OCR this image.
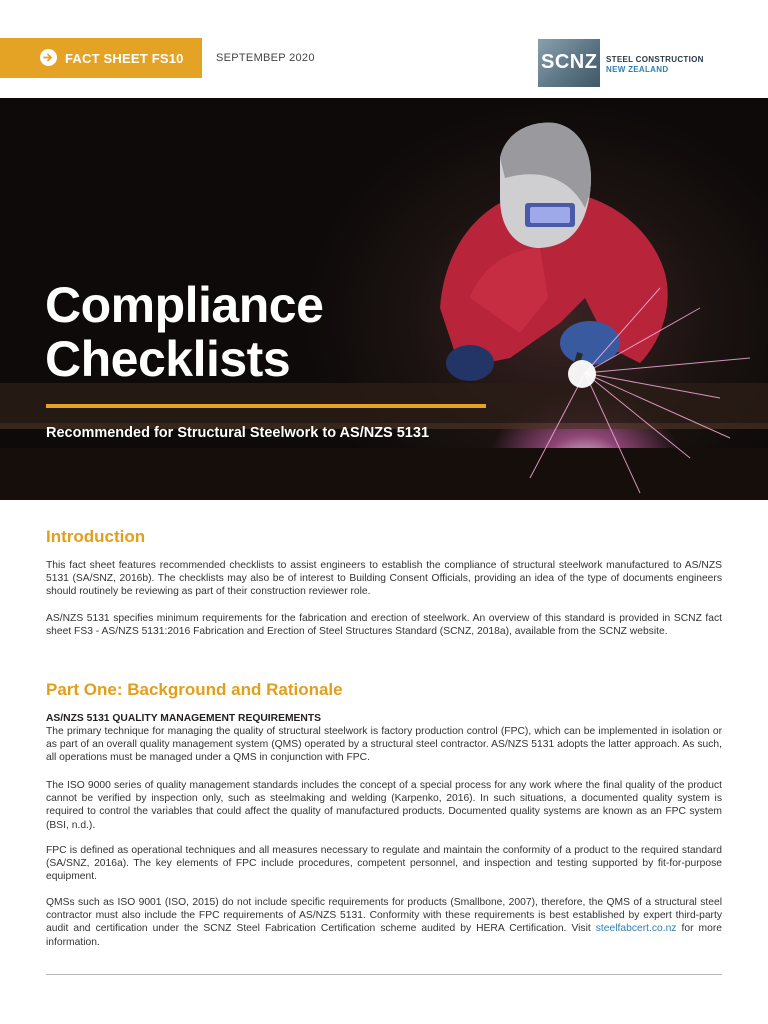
FACT SHEET FS10	SEPTEMBEP 2020	SCNZ STEEL CONSTRUCTION
NEW ZEALAND
Compliance
Checklists
Recommended for Structural Steelwork to AS/NZS 5131
Introduction

This fact sheet features recommended checklists to assist engineers to establish the compliance of structural steelwork manufactured to AS/NZS 5131 (SA/SNZ, 2016b). The checklists may also be of interest to Building Consent Officials, providing an idea of the type of documents engineers should routinely be reviewing as part of their construction reviewer role.

AS/NZS 5131 specifies minimum requirements for the fabrication and erection of steelwork. An overview of this standard is provided in SCNZ fact sheet FS3 - AS/NZS 5131:2016 Fabrication and Erection of Steel Structures Standard (SCNZ, 2018a), available from the SCNZ website.

Part One: Background and Rationale
AS/NZS 5131 QUALITY MANAGEMENT REQUIREMENTS

The primary technique for managing the quality of structural steelwork is factory production control (FPC), which can be implemented in isolation or as part of an overall quality management system (QMS) operated by a structural steel contractor. AS/NZS 5131 adopts the latter approach. As such, all operations must be managed under a QMS in conjunction with FPC.

The ISO 9000 series of quality management standards includes the concept of a special process for any work where the final quality of the product cannot be verified by inspection only, such as steelmaking and welding (Karpenko, 2016). In such situations, a documented quality system is required to control the variables that could affect the quality of manufactured products. Documented quality systems are known as an FPC system (BSI, n.d.).

FPC is defined as operational techniques and all measures necessary to regulate and maintain the conformity of a product to the required standard (SA/SNZ, 2016a). The key elements of FPC include procedures, competent personnel, and inspection and testing supported by fit-for-purpose equipment.

QMSs such as ISO 9001 (ISO, 2015) do not include specific requirements for products (Smallbone, 2007), therefore, the QMS of a structural steel contractor must also include the FPC requirements of AS/NZS 5131. Conformity with these requirements is best established by expert third-party audit and certification under the SCNZ Steel Fabrication Certification scheme audited by HERA Certification. Visit steelfabcert.co.nz for more information.
